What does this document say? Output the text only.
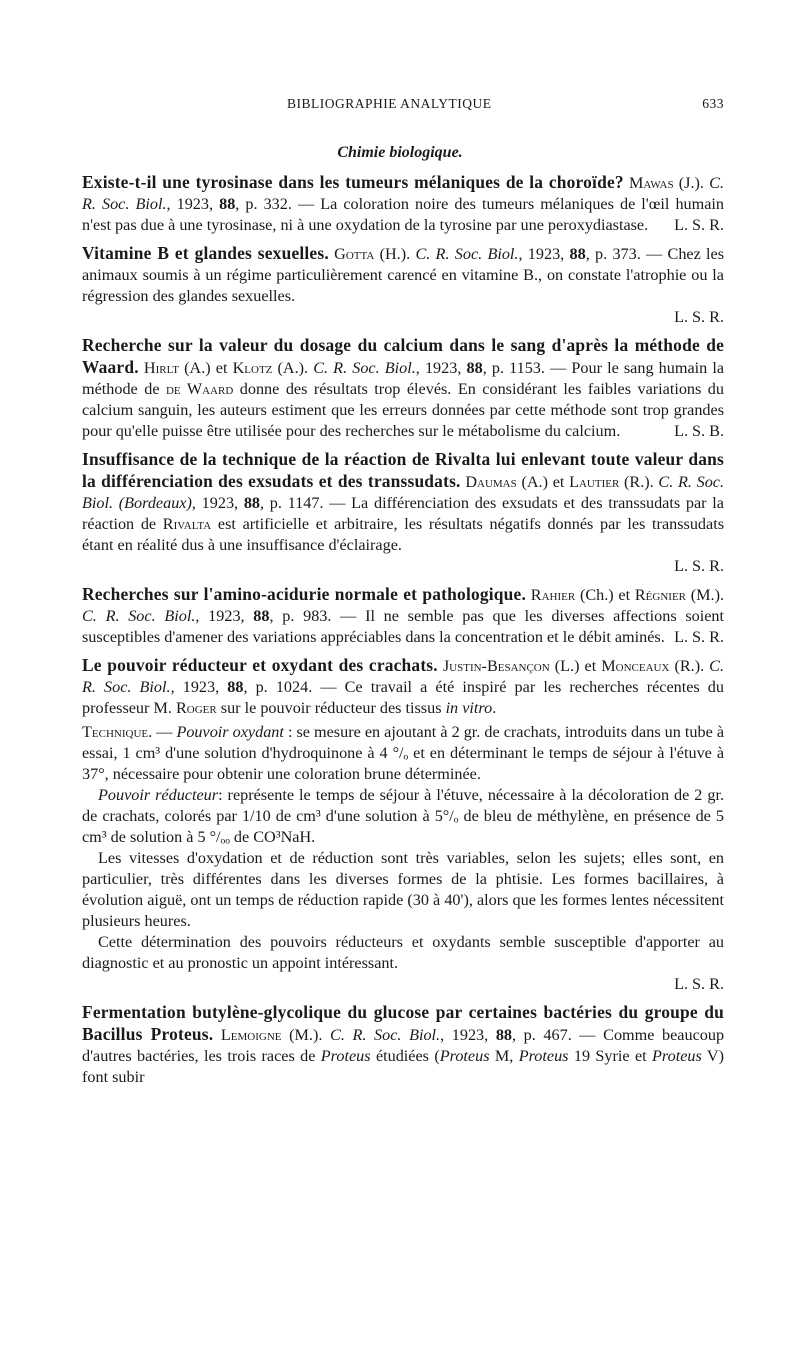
BIBLIOGRAPHIE ANALYTIQUE	633
Chimie biologique.

Existe-t-il une tyrosinase dans les tumeurs mélaniques de la choroïde? Mawas (J.). C. R. Soc. Biol., 1923, 88, p. 332. — La coloration noire des tumeurs mélaniques de l'œil humain n'est pas due à une tyrosinase, ni à une oxydation de la tyrosine par une peroxydiastase. L. S. R.

Vitamine B et glandes sexuelles. Gotta (H.). C. R. Soc. Biol., 1923, 88, p. 373. — Chez les animaux soumis à un régime particulièrement carencé en vitamine B., on constate l'atrophie ou la régression des glandes sexuelles.

L. S. R.

Recherche sur la valeur du dosage du calcium dans le sang d'après la méthode de Waard. Hirlt (A.) et Klotz (A.). C. R. Soc. Biol., 1923, 88, p. 1153. — Pour le sang humain la méthode de de Waard donne des résultats trop élevés. En considérant les faibles variations du calcium sanguin, les auteurs estiment que les erreurs données par cette méthode sont trop grandes pour qu'elle puisse être utilisée pour des recherches sur le métabolisme du calcium.	L. S. B.

Insuffisance de la technique de la réaction de Rivalta lui enlevant toute valeur dans la différenciation des exsudats et des transsudats. Daumas (A.) et Lautier (R.). C. R. Soc. Biol. (Bordeaux), 1923, 88, p. 1147. — La différenciation des exsudats et des transsudats par la réaction de Rivalta est artificielle et arbitraire, les résultats négatifs donnés par les transsudats étant en réalité dus à une insuffisance d'éclairage.

L. S. R.

Recherches sur l'amino-acidurie normale et pathologique. Rahier (Ch.) et Régnier (M.). C. R. Soc. Biol., 1923, 88, p. 983. — Il ne semble pas que les diverses affections soient susceptibles d'amener des variations appréciables dans la concentration et le débit aminés. L. S. R.

Le pouvoir réducteur et oxydant des crachats. Justin-Besançon (L.) et Monceaux (R.). C. R. Soc. Biol., 1923, 88, p. 1024. — Ce travail a été inspiré par les recherches récentes du professeur M. Roger sur le pouvoir réducteur des tissus in vitro.

Technique. — Pouvoir oxydant : se mesure en ajoutant à 2 gr. de crachats, introduits dans un tube à essai, 1 cm³ d'une solution d'hydroquinone à 4 °/ₒ et en déterminant le temps de séjour à l'étuve à 37°, nécessaire pour obtenir une coloration brune déterminée.

Pouvoir réducteur: représente le temps de séjour à l'étuve, nécessaire à la décoloration de 2 gr. de crachats, colorés par 1/10 de cm³ d'une solution à 5°/ₒ de bleu de méthylène, en présence de 5 cm³ de solution à 5 °/ₒₒ de CO³NaH.

Les vitesses d'oxydation et de réduction sont très variables, selon les sujets; elles sont, en particulier, très différentes dans les diverses formes de la phtisie. Les formes bacillaires, à évolution aiguë, ont un temps de réduction rapide (30 à 40'), alors que les formes lentes nécessitent plusieurs heures.

Cette détermination des pouvoirs réducteurs et oxydants semble susceptible d'apporter au diagnostic et au pronostic un appoint intéressant.

L. S. R.

Fermentation butylène-glycolique du glucose par certaines bactéries du groupe du Bacillus Proteus. Lemoigne (M.). C. R. Soc. Biol., 1923, 88, p. 467. — Comme beaucoup d'autres bactéries, les trois races de Proteus étudiées (Proteus M, Proteus 19 Syrie et Proteus V) font subir
